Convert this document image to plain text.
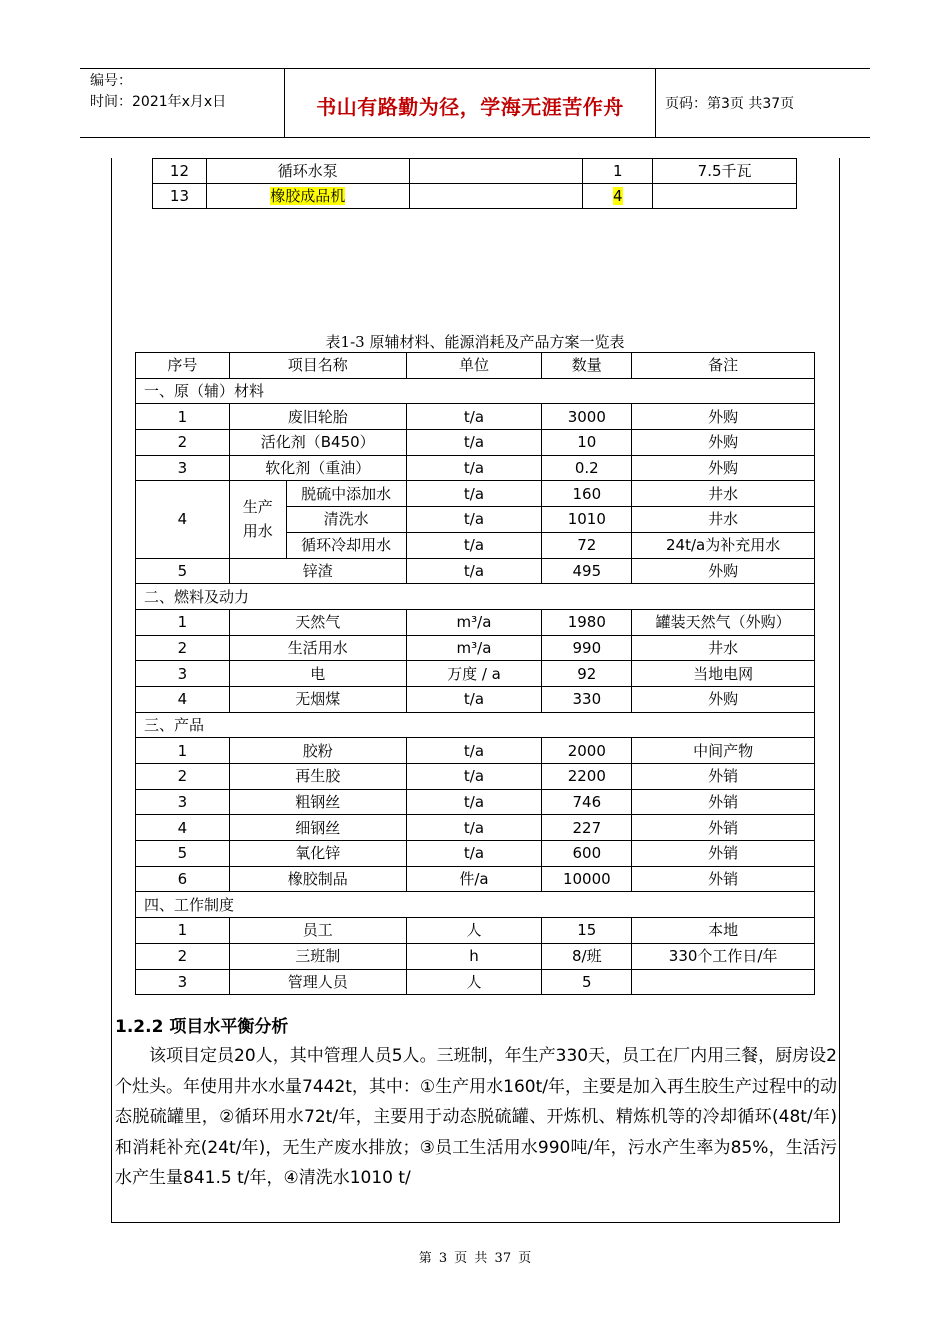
编号：
时间：2021年x月x日	书山有路勤为径，学海无涯苦作舟	页码：第3页 共37页
12	循环水泵		1	7.5千瓦
13	橡胶成品机		4	
表1-3 原辅材料、能源消耗及产品方案一览表
序号	项目名称		单位	数量	备注
一、原（辅）材料					
1	废旧轮胎		t/a	3000	外购
2	活化剂（B450）		t/a	10	外购
3	软化剂（重油）		t/a	0.2	外购
4	生产用水	脱硫中添加水	t/a	160	井水
		清洗水	t/a	1010	井水
		循环冷却用水	t/a	72	24t/a为补充用水
5	锌渣		t/a	495	外购
二、燃料及动力					
1	天然气		m³/a	1980	罐装天然气（外购）
2	生活用水		m³/a	990	井水
3	电		万度 / a	92	当地电网
4	无烟煤		t/a	330	外购
三、产品					
1	胶粉		t/a	2000	中间产物
2	再生胶		t/a	2200	外销
3	粗钢丝		t/a	746	外销
4	细钢丝		t/a	227	外销
5	氧化锌		t/a	600	外销
6	橡胶制品		件/a	10000	外销
四、工作制度					
1	员工		人	15	本地
2	三班制		h	8/班	330个工作日/年
3	管理人员		人	5	
1.2.2 项目水平衡分析
该项目定员20人，其中管理人员5人。三班制，年生产330天，员工在厂内用三餐，厨房设2个灶头。年使用井水水量7442t，其中：①生产用水160t/年，主要是加入再生胶生产过程中的动态脱硫罐里，②循环用水72t/年，主要用于动态脱硫罐、开炼机、精炼机等的冷却循环(48t/年)和消耗补充(24t/年)，无生产废水排放；③员工生活用水990吨/年，污水产生率为85%，生活污水产生量841.5 t/年，④清洗水1010 t/
第 3 页 共 37 页
